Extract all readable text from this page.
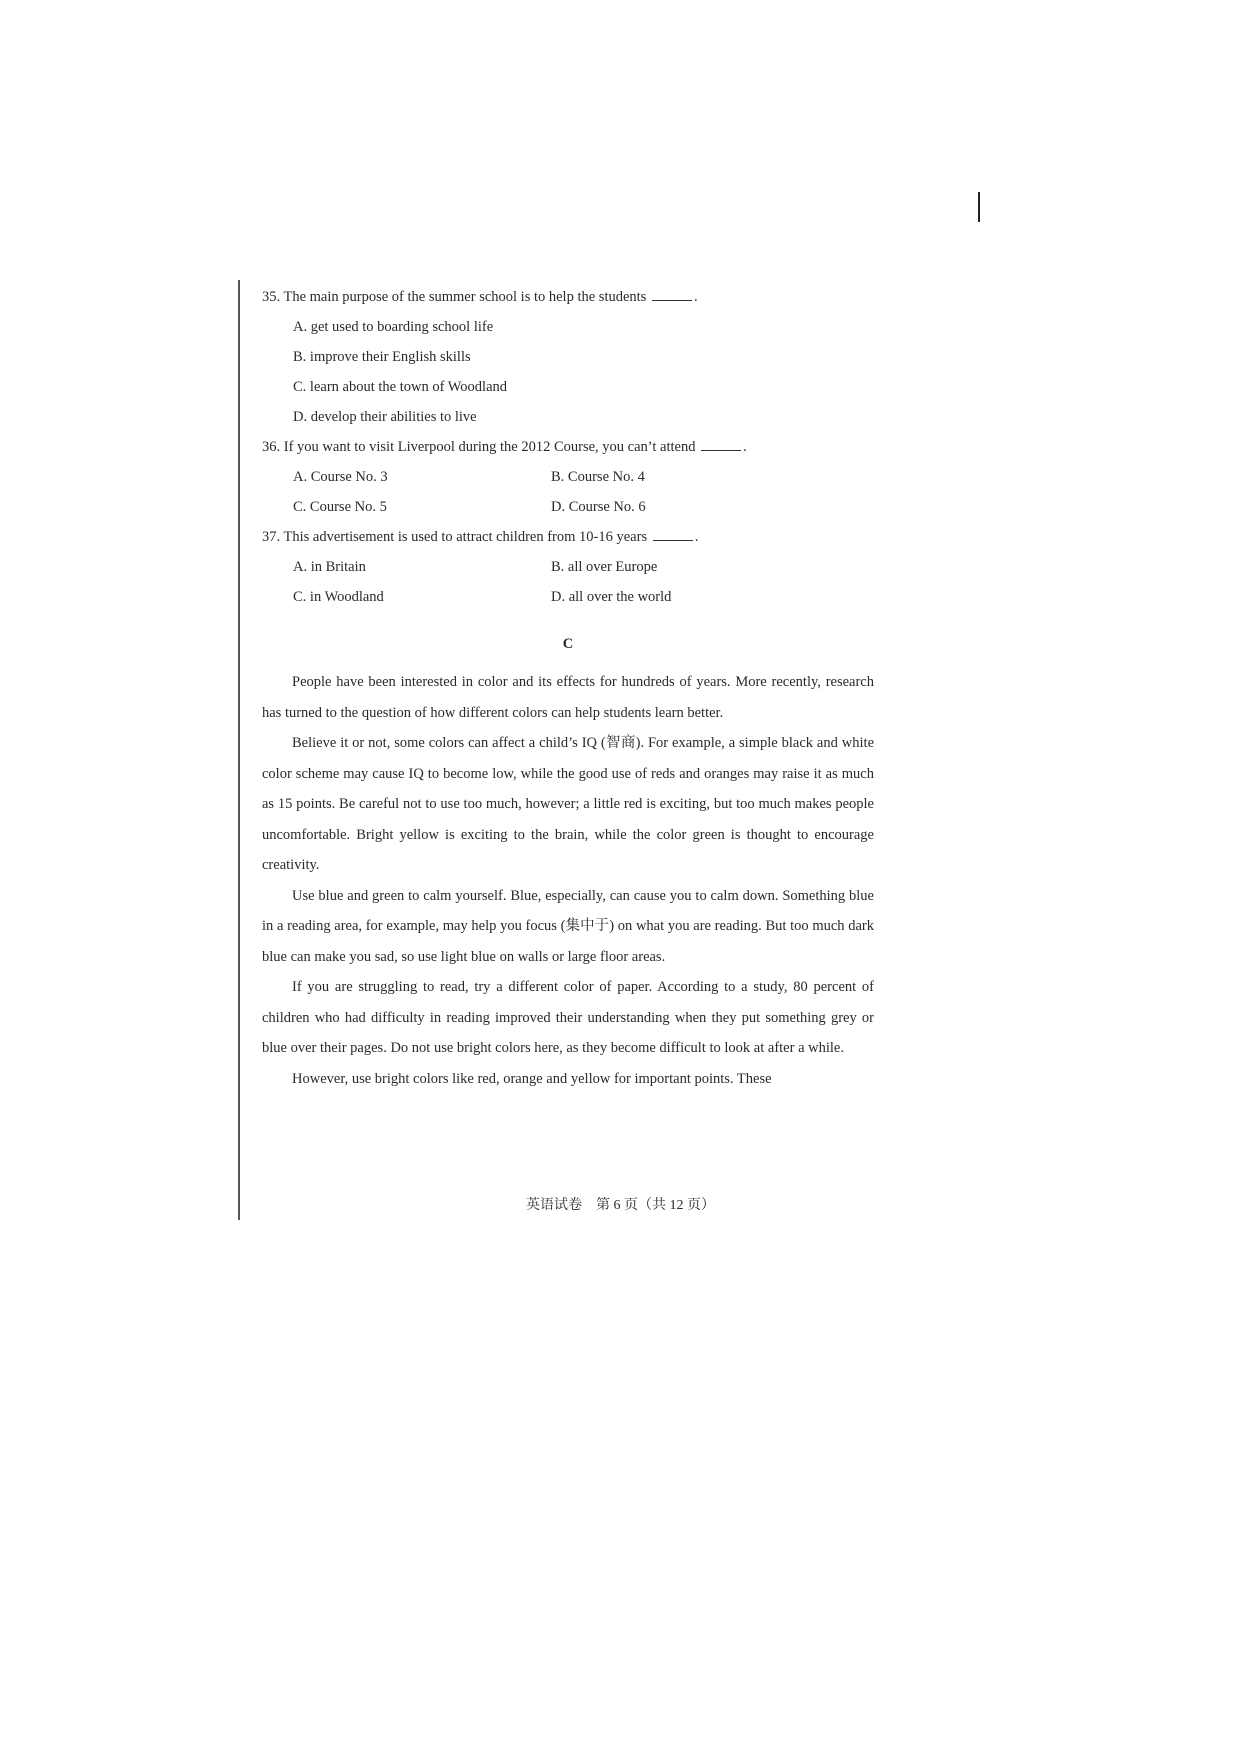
35. The main purpose of the summer school is to help the students	.

A. get used to boarding school life

B. improve their English skills

C. learn about the town of Woodland

D. develop their abilities to live

36. If you want to visit Liverpool during the 2012 Course, you can’t attend	.

A. Course No. 3	B. Course No. 4
C. Course No. 5	D. Course No. 6

37. This advertisement is used to attract children from 10-16 years	.

A. in Britain	B. all over Europe
C. in Woodland	D. all over the world
C

People have been interested in color and its effects for hundreds of years. More recently, research has turned to the question of how different colors can help students learn better.

Believe it or not, some colors can affect a child’s IQ (智商). For example, a simple black and white color scheme may cause IQ to become low, while the good use of reds and oranges may raise it as much as 15 points. Be careful not to use too much, however; a little red is exciting, but too much makes people uncomfortable. Bright yellow is exciting to the brain, while the color green is thought to encourage creativity.

Use blue and green to calm yourself. Blue, especially, can cause you to calm down. Something blue in a reading area, for example, may help you focus (集中于) on what you are reading. But too much dark blue can make you sad, so use light blue on walls or large floor areas.

If you are struggling to read, try a different color of paper. According to a study, 80 percent of children who had difficulty in reading improved their understanding when they put something grey or blue over their pages. Do not use bright colors here, as they become difficult to look at after a while.

However, use bright colors like red, orange and yellow for important points. These

英语试卷　第 6 页（共 12 页）
